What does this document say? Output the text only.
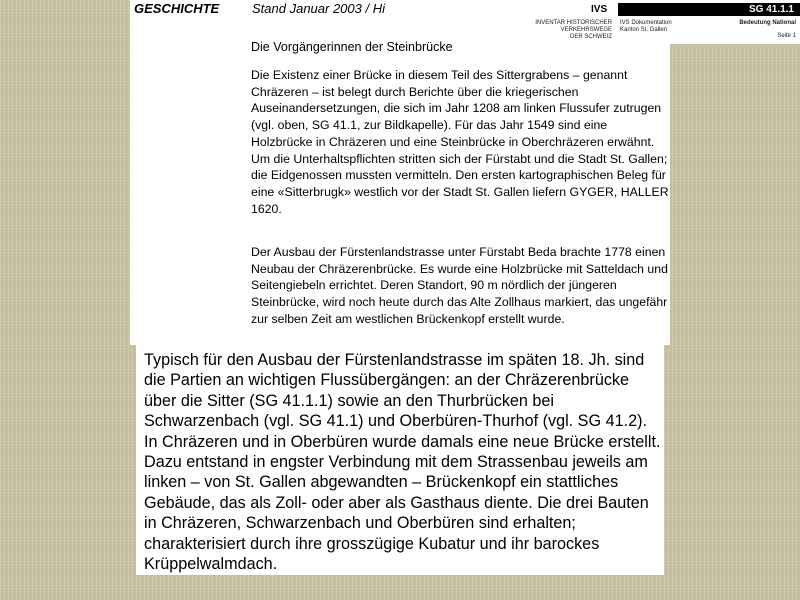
GESCHICHTE	Stand Januar 2003 / Hi	IVS
INVENTAR HISTORISCHER
VERKEHRSWEGE
DER SCHWEIZ
IVS Dokumentation
Kanton St. Gallen
SG 41.1.1
Bedeutung National
Seite 1
Die Vorgängerinnen der Steinbrücke

Die Existenz einer Brücke in diesem Teil des Sittergrabens – genannt Chräzeren – ist belegt durch Berichte über die kriegerischen Auseinandersetzungen, die sich im Jahr 1208 am linken Flussufer zutrugen (vgl. oben, SG 41.1, zur Bildkapelle). Für das Jahr 1549 sind eine Holzbrücke in Chräzeren und eine Steinbrücke in Oberchräzeren erwähnt. Um die Unterhaltspflichten stritten sich der Fürstabt und die Stadt St. Gallen; die Eidgenossen mussten vermitteln. Den ersten kartographischen Beleg für eine «Sitterbrugk» westlich vor der Stadt St. Gallen liefern GYGER, HALLER 1620.

Der Ausbau der Fürstenlandstrasse unter Fürstabt Beda brachte 1778 einen Neubau der Chräzerenbrücke. Es wurde eine Holzbrücke mit Satteldach und Seitengiebeln errichtet. Deren Standort, 90 m nördlich der jüngeren Steinbrücke, wird noch heute durch das Alte Zollhaus markiert, das ungefähr zur selben Zeit am westlichen Brückenkopf erstellt wurde.

Typisch für den Ausbau der Fürstenlandstrasse im späten 18. Jh. sind die Partien an wichtigen Flussübergängen: an der Chräzerenbrücke über die Sitter (SG 41.1.1) sowie an den Thurbrücken bei Schwarzenbach (vgl. SG 41.1) und Oberbüren-Thurhof (vgl. SG 41.2). In Chräzeren und in Oberbüren wurde damals eine neue Brücke erstellt. Dazu entstand in engster Verbindung mit dem Strassenbau jeweils am linken – von St. Gallen abgewandten – Brückenkopf ein stattliches Gebäude, das als Zoll- oder aber als Gasthaus diente. Die drei Bauten in Chräzeren, Schwarzenbach und Oberbüren sind erhalten; charakterisiert durch ihre grosszügige Kubatur und ihr barockes Krüppelwalmdach.
